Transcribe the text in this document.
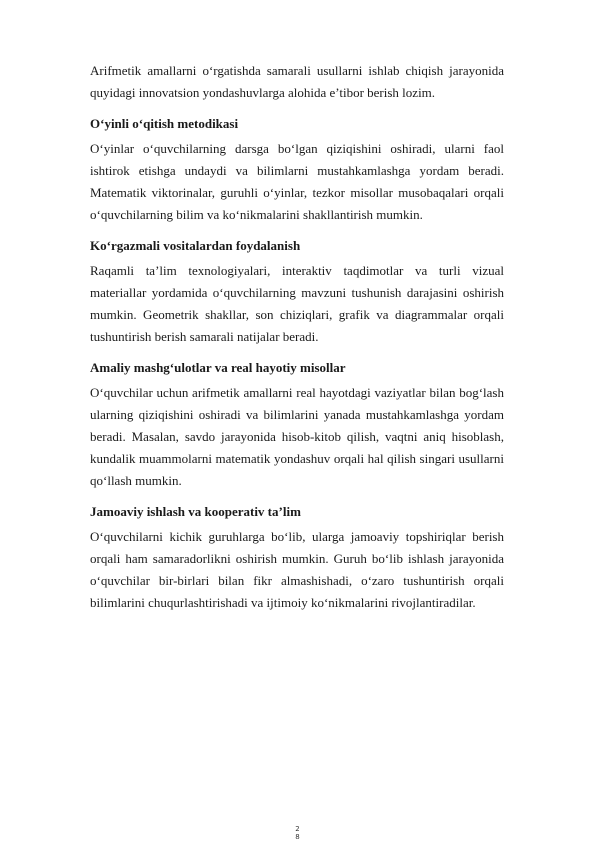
Arifmetik amallarni o‘rgatishda samarali usullarni ishlab chiqish jarayonida quyidagi innovatsion yondashuvlarga alohida e’tibor berish lozim.

O‘yinli o‘qitish metodikasi

O‘yinlar o‘quvchilarning darsga bo‘lgan qiziqishini oshiradi, ularni faol ishtirok etishga undaydi va bilimlarni mustahkamlashga yordam beradi. Matematik viktorinalar, guruhli o‘yinlar, tezkor misollar musobaqalari orqali o‘quvchilarning bilim va ko‘nikmalarini shakllantirish mumkin.

Ko‘rgazmali vositalardan foydalanish

Raqamli ta’lim texnologiyalari, interaktiv taqdimotlar va turli vizual materiallar yordamida o‘quvchilarning mavzuni tushunish darajasini oshirish mumkin. Geometrik shakllar, son chiziqlari, grafik va diagrammalar orqali tushuntirish berish samarali natijalar beradi.

Amaliy mashg‘ulotlar va real hayotiy misollar

O‘quvchilar uchun arifmetik amallarni real hayotdagi vaziyatlar bilan bog‘lash ularning qiziqishini oshiradi va bilimlarini yanada mustahkamlashga yordam beradi. Masalan, savdo jarayonida hisob-kitob qilish, vaqtni aniq hisoblash, kundalik muammolarni matematik yondashuv orqali hal qilish singari usullarni qo‘llash mumkin.

Jamoaviy ishlash va kooperativ ta’lim

O‘quvchilarni kichik guruhlarga bo‘lib, ularga jamoaviy topshiriqlar berish orqali ham samaradorlikni oshirish mumkin. Guruh bo‘lib ishlash jarayonida o‘quvchilar bir-birlari bilan fikr almashishadi, o‘zaro tushuntirish orqali bilimlarini chuqurlashtirishadi va ijtimoiy ko‘nikmalarini rivojlantiradilar.

2
8
